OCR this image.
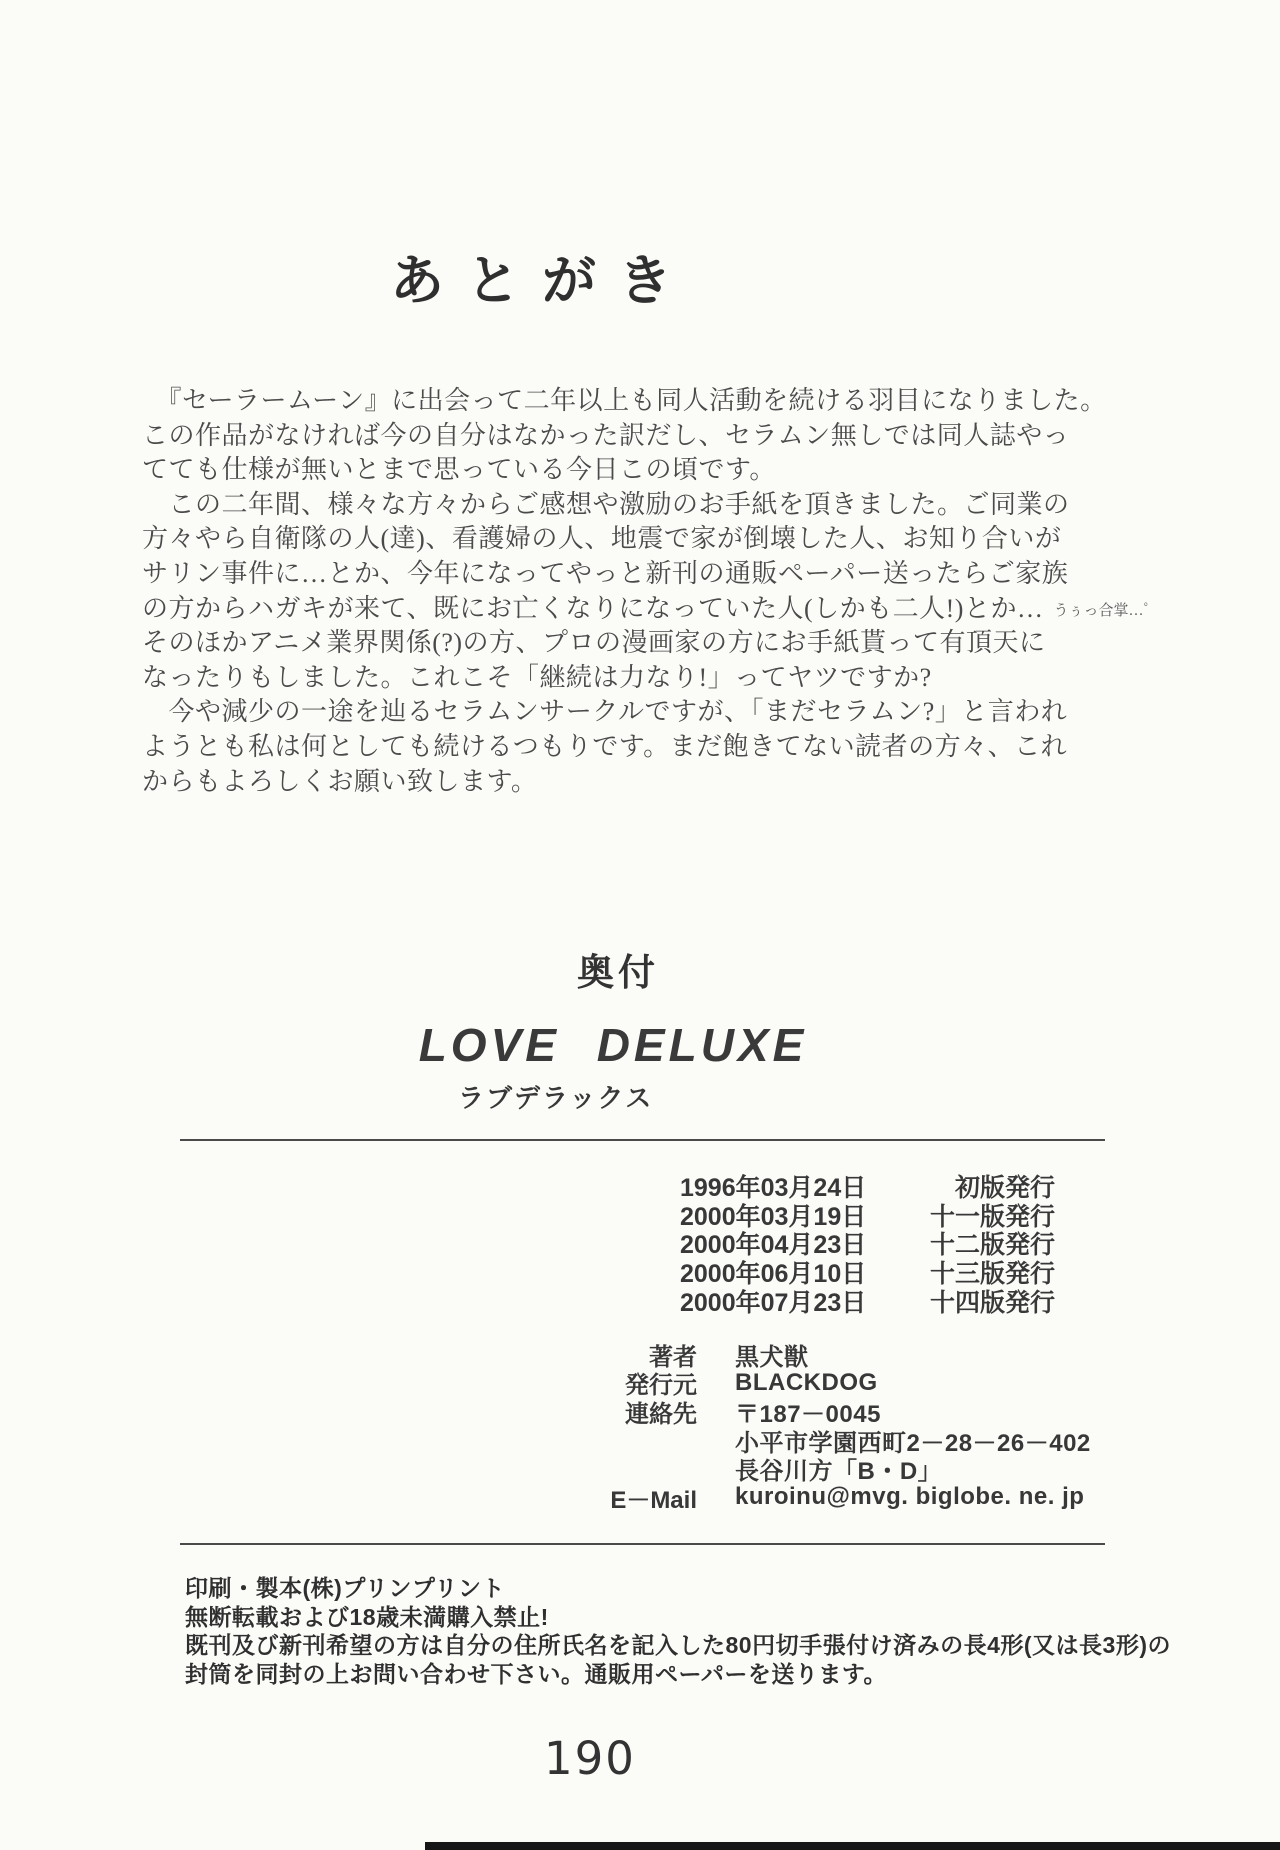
あとがき
　『セーラームーン』に出会って二年以上も同人活動を続ける羽目になりました。
この作品がなければ今の自分はなかった訳だし、セラムン無しでは同人誌やっ
てても仕様が無いとまで思っている今日この頃です。
　この二年間、様々な方々からご感想や激励のお手紙を頂きました。ご同業の
方々やら自衛隊の人(達)、看護婦の人、地震で家が倒壊した人、お知り合いが
サリン事件に…とか、今年になってやっと新刊の通販ペーパー送ったらご家族
の方からハガキが来て、既にお亡くなりになっていた人(しかも二人!)とか… うぅっ合掌…ﾟ
そのほかアニメ業界関係(?)の方、プロの漫画家の方にお手紙貰って有頂天に
なったりもしました。これこそ「継続は力なり!」ってヤツですか?
　今や減少の一途を辿るセラムンサークルですが、「まだセラムン?」と言われ
ようとも私は何としても続けるつもりです。まだ飽きてない読者の方々、これ
からもよろしくお願い致します。
奥付
LOVE DELUXE
ラブデラックス
1996年03月24日	初版発行
2000年03月19日	十一版発行
2000年04月23日	十二版発行
2000年06月10日	十三版発行
2000年07月23日	十四版発行
著者 黒犬獣
発行元 BLACKDOG
連絡先 〒187－0045
小平市学園西町2－28－26－402
長谷川方「B・D」
E－Mail kuroinu@mvg. biglobe. ne. jp
印刷・製本(株)プリンプリント
無断転載および18歳未満購入禁止!
既刊及び新刊希望の方は自分の住所氏名を記入した80円切手張付け済みの長4形(又は長3形)の
封筒を同封の上お問い合わせ下さい。通販用ペーパーを送ります。
190
